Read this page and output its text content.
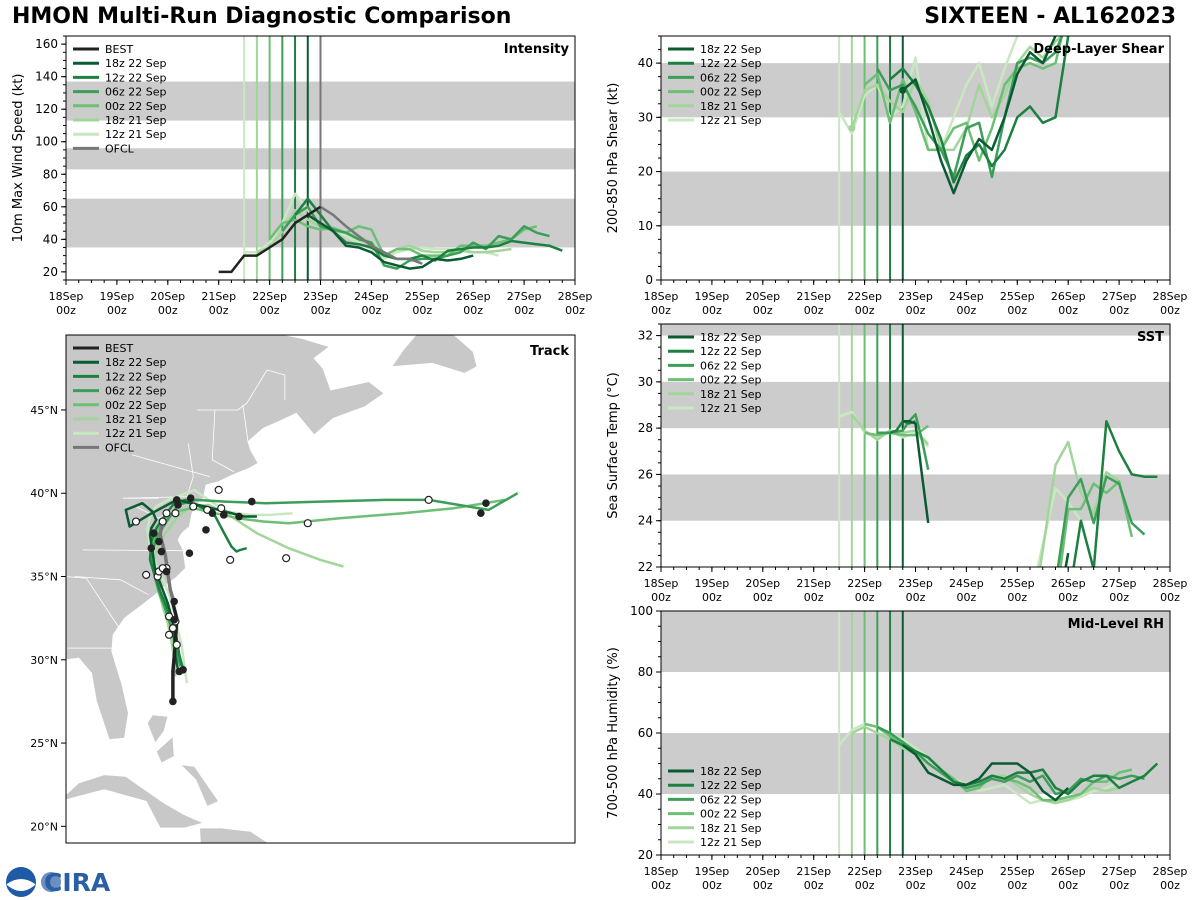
HMON Multi-Run Diagnostic Comparison	SIXTEEN - AL162023
20
40
60
80
100
120
140
160
18Sep
00z
19Sep
00z
20Sep
00z
21Sep
00z
22Sep
00z
23Sep
00z
24Sep
00z
25Sep
00z
26Sep
00z
27Sep
00z
28Sep
00z
10m Max Wind Speed (kt)
Intensity
BEST
18z 22 Sep
12z 22 Sep
06z 22 Sep
00z 22 Sep
18z 21 Sep
12z 21 Sep
OFCL
0
10
20
30
40
18Sep
00z
19Sep
00z
20Sep
00z
21Sep
00z
22Sep
00z
23Sep
00z
24Sep
00z
25Sep
00z
26Sep
00z
27Sep
00z
28Sep
00z
200-850 hPa Shear (kt)
Deep-Layer Shear
18z 22 Sep
12z 22 Sep
06z 22 Sep
00z 22 Sep
18z 21 Sep
12z 21 Sep
22
24
26
28
30
32
18Sep
00z
19Sep
00z
20Sep
00z
21Sep
00z
22Sep
00z
23Sep
00z
24Sep
00z
25Sep
00z
26Sep
00z
27Sep
00z
28Sep
00z
Sea Surface Temp (°C)
SST
18z 22 Sep
12z 22 Sep
06z 22 Sep
00z 22 Sep
18z 21 Sep
12z 21 Sep
20
40
60
80
100
18Sep
00z
19Sep
00z
20Sep
00z
21Sep
00z
22Sep
00z
23Sep
00z
24Sep
00z
25Sep
00z
26Sep
00z
27Sep
00z
28Sep
00z
700-500 hPa Humidity (%)
Mid-Level RH
18z 22 Sep
12z 22 Sep
06z 22 Sep
00z 22 Sep
18z 21 Sep
12z 21 Sep
20°N
25°N
30°N
35°N
40°N
45°N
Track
BEST
18z 22 Sep
12z 22 Sep
06z 22 Sep
00z 22 Sep
18z 21 Sep
12z 21 Sep
OFCL
CIRA
